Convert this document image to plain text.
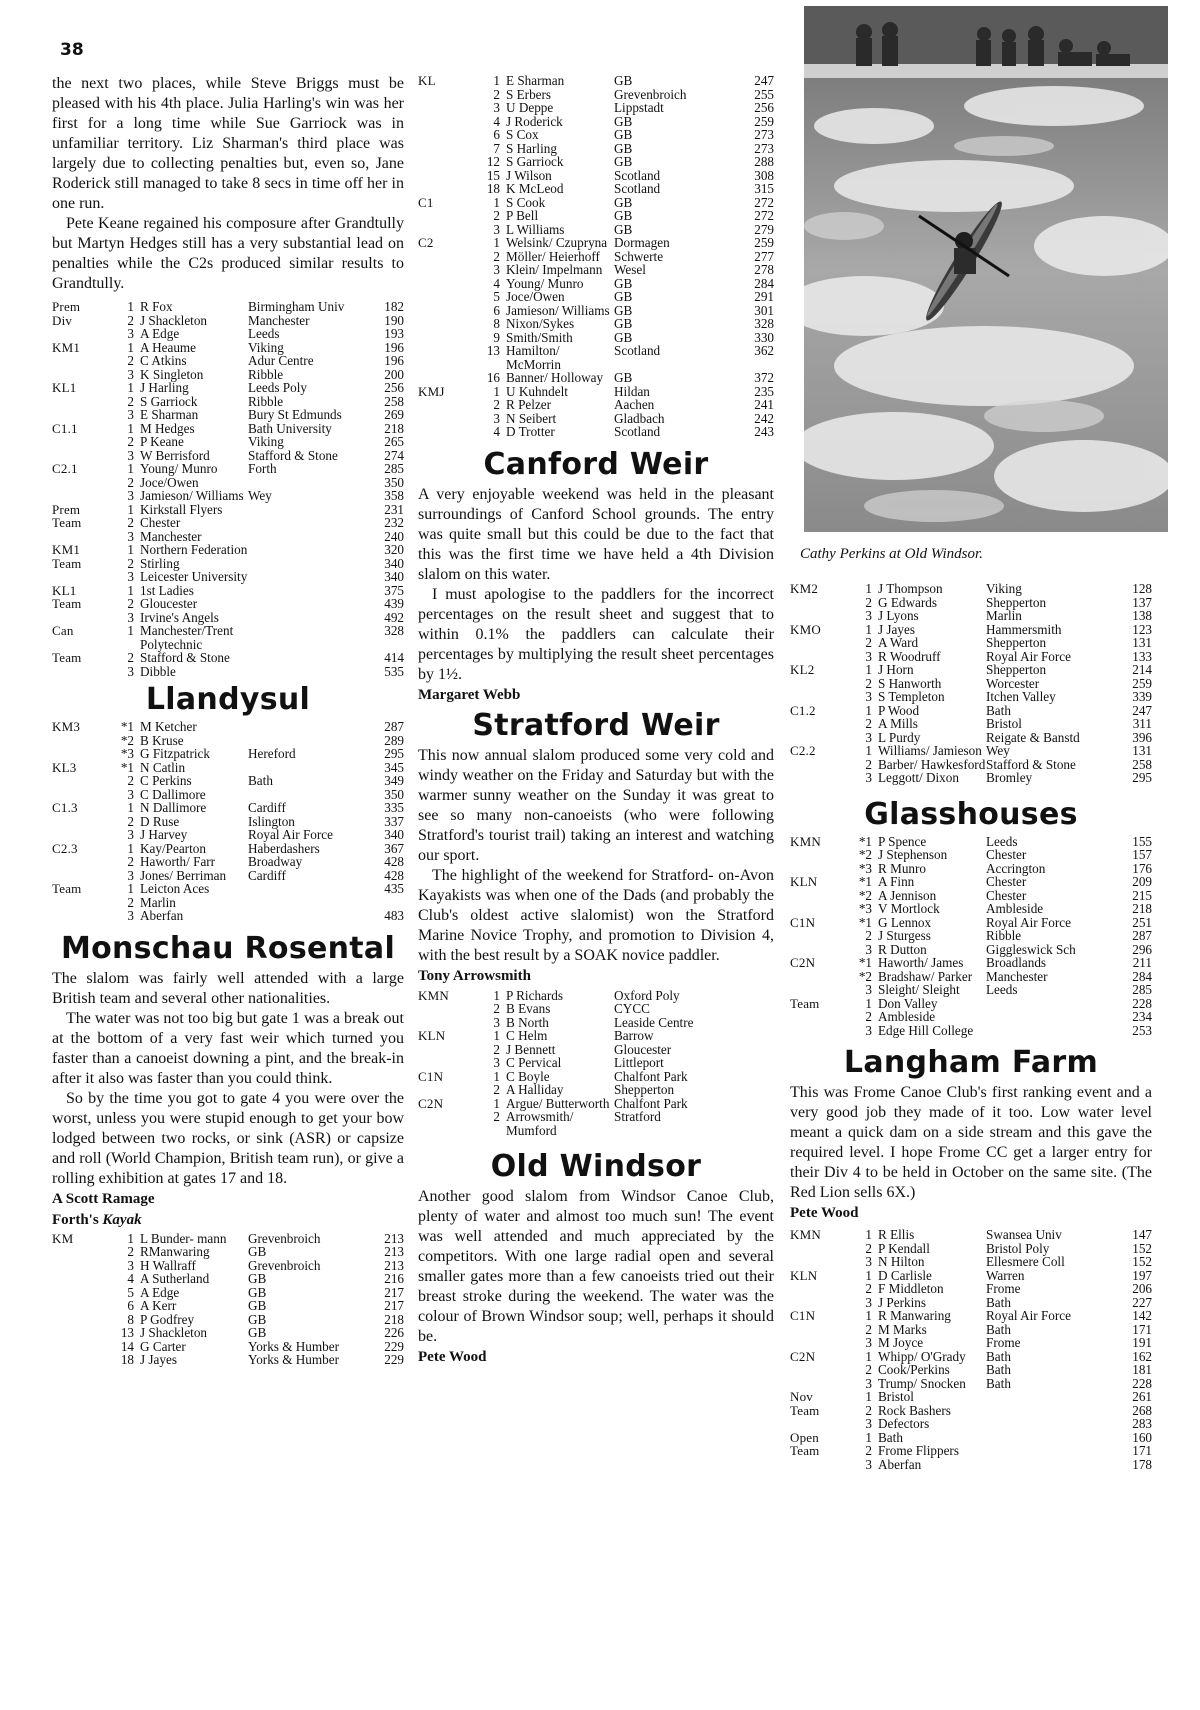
38

the next two places, while Steve Briggs must be pleased with his 4th place. Julia Harling's win was her first for a long time while Sue Garriock was in unfamiliar territory. Liz Sharman's third place was largely due to collecting penalties but, even so, Jane Roderick still managed to take 8 secs in time off her in one run.

Pete Keane regained his composure after Grandtully but Martyn Hedges still has a very substantial lead on penalties while the C2s produced similar results to Grandtully.

Prem	1	R Fox	Birmingham Univ	182
Div	2	J Shackleton	Manchester	190
	3	A Edge	Leeds	193
KM1	1	A Heaume	Viking	196
	2	C Atkins	Adur Centre	196
	3	K Singleton	Ribble	200
KL1	1	J Harling	Leeds Poly	256
	2	S Garriock	Ribble	258
	3	E Sharman	Bury St Edmunds	269
C1.1	1	M Hedges	Bath University	218
	2	P Keane	Viking	265
	3	W Berrisford	Stafford & Stone	274
C2.1	1	Young/ Munro	Forth	285
	2	Joce/Owen		350
	3	Jamieson/ Williams	Wey	358
Prem	1	Kirkstall Flyers		231
Team	2	Chester		232
	3	Manchester		240
KM1	1	Northern Federation		320
Team	2	Stirling		340
	3	Leicester University		340
KL1	1	1st Ladies		375
Team	2	Gloucester		439
	3	Irvine's Angels		492
Can	1	Manchester/Trent Polytechnic		328
Team	2	Stafford & Stone		414
	3	Dibble		535
Llandysul
KM3	*1	M Ketcher		287
	*2	B Kruse		289
	*3	G Fitzpatrick	Hereford	295
KL3	*1	N Catlin		345
	2	C Perkins	Bath	349
	3	C Dallimore		350
C1.3	1	N Dallimore	Cardiff	335
	2	D Ruse	Islington	337
	3	J Harvey	Royal Air Force	340
C2.3	1	Kay/Pearton	Haberdashers	367
	2	Haworth/ Farr	Broadway	428
	3	Jones/ Berriman	Cardiff	428
Team	1	Leicton Aces		435
	2	Marlin		
	3	Aberfan		483
Monschau Rosental

The slalom was fairly well attended with a large British team and several other nationalities.

The water was not too big but gate 1 was a break out at the bottom of a very fast weir which turned you faster than a canoeist downing a pint, and the break-in after it also was faster than you could think.

So by the time you got to gate 4 you were over the worst, unless you were stupid enough to get your bow lodged between two rocks, or sink (ASR) or capsize and roll (World Champion, British team run), or give a rolling exhibition at gates 17 and 18.

A Scott Ramage
Forth's Kayak
KM	1	L Bunder- mann	Grevenbroich	213
	2	RManwaring	GB	213
	3	H Wallraff	Grevenbroich	213
	4	A Sutherland	GB	216
	5	A Edge	GB	217
	6	A Kerr	GB	217
	8	P Godfrey	GB	218
	13	J Shackleton	GB	226
	14	G Carter	Yorks & Humber	229
	18	J Jayes	Yorks & Humber	229
KL	1	E Sharman	GB	247
	2	S Erbers	Grevenbroich	255
	3	U Deppe	Lippstadt	256
	4	J Roderick	GB	259
	6	S Cox	GB	273
	7	S Harling	GB	273
	12	S Garriock	GB	288
	15	J Wilson	Scotland	308
	18	K McLeod	Scotland	315
C1	1	S Cook	GB	272
	2	P Bell	GB	272
	3	L Williams	GB	279
C2	1	Welsink/ Czupryna	Dormagen	259
	2	Möller/ Heierhoff	Schwerte	277
	3	Klein/ Impelmann	Wesel	278
	4	Young/ Munro	GB	284
	5	Joce/Owen	GB	291
	6	Jamieson/ Williams	GB	301
	8	Nixon/Sykes	GB	328
	9	Smith/Smith	GB	330
	13	Hamilton/ McMorrin	Scotland	362
	16	Banner/ Holloway	GB	372
KMJ	1	U Kuhndelt	Hildan	235
	2	R Pelzer	Aachen	241
	3	N Seibert	Gladbach	242
	4	D Trotter	Scotland	243
Canford Weir

A very enjoyable weekend was held in the pleasant surroundings of Canford School grounds. The entry was quite small but this could be due to the fact that this was the first time we have held a 4th Division slalom on this water.

I must apologise to the paddlers for the incorrect percentages on the result sheet and suggest that to within 0.1% the paddlers can calculate their percentages by multiplying the result sheet percentages by 1½.

Margaret Webb
Stratford Weir

This now annual slalom produced some very cold and windy weather on the Friday and Saturday but with the warmer sunny weather on the Sunday it was great to see so many non-canoeists (who were following Stratford's tourist trail) taking an interest and watching our sport.

The highlight of the weekend for Stratford- on-Avon Kayakists was when one of the Dads (and probably the Club's oldest active slalomist) won the Stratford Marine Novice Trophy, and promotion to Division 4, with the best result by a SOAK novice paddler.

Tony Arrowsmith
KMN	1	P Richards	Oxford Poly	
	2	B Evans	CYCC	
	3	B North	Leaside Centre	
KLN	1	C Helm	Barrow	
	2	J Bennett	Gloucester	
	3	C Pervical	Littleport	
C1N	1	C Boyle	Chalfont Park	
	2	A Halliday	Shepperton	
C2N	1	Argue/ Butterworth	Chalfont Park	
	2	Arrowsmith/ Mumford	Stratford	
Old Windsor

Another good slalom from Windsor Canoe Club, plenty of water and almost too much sun! The event was well attended and much appreciated by the competitors. With one large radial open and several smaller gates more than a few canoeists tried out their breast stroke during the weekend. The water was the colour of Brown Windsor soup; well, perhaps it should be.

Pete Wood
Cathy Perkins at Old Windsor.
KM2	1	J Thompson	Viking	128
	2	G Edwards	Shepperton	137
	3	J Lyons	Marlin	138
KMO	1	J Jayes	Hammersmith	123
	2	A Ward	Shepperton	131
	3	R Woodruff	Royal Air Force	133
KL2	1	J Horn	Shepperton	214
	2	S Hanworth	Worcester	259
	3	S Templeton	Itchen Valley	339
C1.2	1	P Wood	Bath	247
	2	A Mills	Bristol	311
	3	L Purdy	Reigate & Banstd	396
C2.2	1	Williams/ Jamieson	Wey	131
	2	Barber/ Hawkesford	Stafford & Stone	258
	3	Leggott/ Dixon	Bromley	295
Glasshouses
KMN	*1	P Spence	Leeds	155
	*2	J Stephenson	Chester	157
	*3	R Munro	Accrington	176
KLN	*1	A Finn	Chester	209
	*2	A Jennison	Chester	215
	*3	V Mortlock	Ambleside	218
C1N	*1	G Lennox	Royal Air Force	251
	2	J Sturgess	Ribble	287
	3	R Dutton	Giggleswick Sch	296
C2N	*1	Haworth/ James	Broadlands	211
	*2	Bradshaw/ Parker	Manchester	284
	3	Sleight/ Sleight	Leeds	285
Team	1	Don Valley		228
	2	Ambleside		234
	3	Edge Hill College		253
Langham Farm

This was Frome Canoe Club's first ranking event and a very good job they made of it too. Low water level meant a quick dam on a side stream and this gave the required level. I hope Frome CC get a larger entry for their Div 4 to be held in October on the same site. (The Red Lion sells 6X.)

Pete Wood
KMN	1	R Ellis	Swansea Univ	147
	2	P Kendall	Bristol Poly	152
	3	N Hilton	Ellesmere Coll	152
KLN	1	D Carlisle	Warren	197
	2	F Middleton	Frome	206
	3	J Perkins	Bath	227
C1N	1	R Manwaring	Royal Air Force	142
	2	M Marks	Bath	171
	3	M Joyce	Frome	191
C2N	1	Whipp/ O'Grady	Bath	162
	2	Cook/Perkins	Bath	181
	3	Trump/ Snocken	Bath	228
Nov	1	Bristol		261
Team	2	Rock Bashers		268
	3	Defectors		283
Open	1	Bath		160
Team	2	Frome Flippers		171
	3	Aberfan		178
